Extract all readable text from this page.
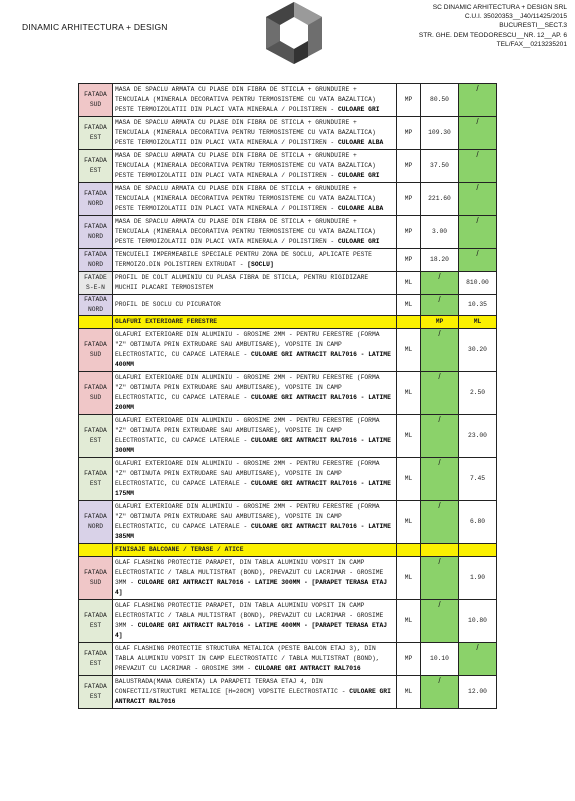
DINAMIC ARHITECTURA + DESIGN
SC DINAMIC ARHITECTURA + DESIGN SRL
C.U.I. 35020353__J40/11425/2015
BUCURESTI__SECT.3
STR. GHE. DEM TEODORESCU__NR. 12__AP. 6
TEL/FAX__0213235201
FATADA
SUD	MASA DE SPACLU ARMATA CU PLASE DIN FIBRA DE STICLA + GRUNDUIRE + TENCUIALA (MINERALA DECORATIVA PENTRU TERMOSISTEME CU VATA BAZALTICA) PESTE TERMOIZOLATII DIN PLACI VATA MINERALA / POLISTIREN - CULOARE GRI	MP	80.50	/

FATADA
EST	MASA DE SPACLU ARMATA CU PLASE DIN FIBRA DE STICLA + GRUNDUIRE + TENCUIALA (MINERALA DECORATIVA PENTRU TERMOSISTEME CU VATA BAZALTICA) PESTE TERMOIZOLATII DIN PLACI VATA MINERALA / POLISTIREN - CULOARE ALBA	MP	109.30	/

FATADA
EST	MASA DE SPACLU ARMATA CU PLASE DIN FIBRA DE STICLA + GRUNDUIRE + TENCUIALA (MINERALA DECORATIVA PENTRU TERMOSISTEME CU VATA BAZALTICA) PESTE TERMOIZOLATII DIN PLACI VATA MINERALA / POLISTIREN - CULOARE GRI	MP	37.50	/

FATADA
NORD	MASA DE SPACLU ARMATA CU PLASE DIN FIBRA DE STICLA + GRUNDUIRE + TENCUIALA (MINERALA DECORATIVA PENTRU TERMOSISTEME CU VATA BAZALTICA) PESTE TERMOIZOLATII DIN PLACI VATA MINERALA / POLISTIREN - CULOARE ALBA	MP	221.60	/

FATADA
NORD	MASA DE SPACLU ARMATA CU PLASE DIN FIBRA DE STICLA + GRUNDUIRE + TENCUIALA (MINERALA DECORATIVA PENTRU TERMOSISTEME CU VATA BAZALTICA) PESTE TERMOIZOLATII DIN PLACI VATA MINERALA / POLISTIREN - CULOARE GRI	MP	3.00	/

FATADA
NORD	TENCUIELI IMPERMEABILE SPECIALE PENTRU ZONA DE SOCLU, APLICATE PESTE TERMOIZO.DIN POLISTIREN EXTRUDAT - [SOCLU]	MP	18.20	/

FATADE
S-E-N	PROFIL DE COLT ALUMINIU CU PLASA FIBRA DE STICLA, PENTRU RIGIDIZARE MUCHII PLACARI TERMOSISTEM	ML	/	810.00

FATADA
NORD	PROFIL DE SOCLU CU PICURATOR	ML	/	10.35
	GLAFURI EXTERIOARE FERESTRE		MP	ML

FATADA
SUD	GLAFURI EXTERIOARE DIN ALUMINIU - GROSIME 2MM - PENTRU FERESTRE (FORMA "Z" OBTINUTA PRIN EXTRUDARE SAU AMBUTISARE), VOPSITE IN CAMP ELECTROSTATIC, CU CAPACE LATERALE - CULOARE GRI ANTRACIT RAL7016 - LATIME 400MM	ML	/	30.20

FATADA
SUD	GLAFURI EXTERIOARE DIN ALUMINIU - GROSIME 2MM - PENTRU FERESTRE (FORMA "Z" OBTINUTA PRIN EXTRUDARE SAU AMBUTISARE), VOPSITE IN CAMP ELECTROSTATIC, CU CAPACE LATERALE - CULOARE GRI ANTRACIT RAL7016 - LATIME 200MM	ML	/	2.50

FATADA
EST	GLAFURI EXTERIOARE DIN ALUMINIU - GROSIME 2MM - PENTRU FERESTRE (FORMA "Z" OBTINUTA PRIN EXTRUDARE SAU AMBUTISARE), VOPSITE IN CAMP ELECTROSTATIC, CU CAPACE LATERALE - CULOARE GRI ANTRACIT RAL7016 - LATIME 300MM	ML	/	23.00

FATADA
EST	GLAFURI EXTERIOARE DIN ALUMINIU - GROSIME 2MM - PENTRU FERESTRE (FORMA "Z" OBTINUTA PRIN EXTRUDARE SAU AMBUTISARE), VOPSITE IN CAMP ELECTROSTATIC, CU CAPACE LATERALE - CULOARE GRI ANTRACIT RAL7016 - LATIME 175MM	ML	/	7.45

FATADA
NORD	GLAFURI EXTERIOARE DIN ALUMINIU - GROSIME 2MM - PENTRU FERESTRE (FORMA "Z" OBTINUTA PRIN EXTRUDARE SAU AMBUTISARE), VOPSITE IN CAMP ELECTROSTATIC, CU CAPACE LATERALE - CULOARE GRI ANTRACIT RAL7016 - LATIME 385MM	ML	/	6.80
	FINISAJE BALCOANE / TERASE / ATICE			

FATADA
SUD	GLAF FLASHING PROTECTIE PARAPET, DIN TABLA ALUMINIU VOPSIT IN CAMP ELECTROSTATIC / TABLA MULTISTRAT (BOND), PREVAZUT CU LACRIMAR - GROSIME 3MM - CULOARE GRI ANTRACIT RAL7016 - LATIME 300MM - [PARAPET TERASA ETAJ 4]	ML	/	1.90

FATADA
EST	GLAF FLASHING PROTECTIE PARAPET, DIN TABLA ALUMINIU VOPSIT IN CAMP ELECTROSTATIC / TABLA MULTISTRAT (BOND), PREVAZUT CU LACRIMAR - GROSIME 3MM - CULOARE GRI ANTRACIT RAL7016 - LATIME 400MM - [PARAPET TERASA ETAJ 4]	ML	/	10.80

FATADA
EST	GLAF FLASHING PROTECTIE STRUCTURA METALICA (PESTE BALCON ETAJ 3), DIN TABLA ALUMINIU VOPSIT IN CAMP ELECTROSTATIC / TABLA MULTISTRAT (BOND), PREVAZUT CU LACRIMAR - GROSIME 3MM - CULOARE GRI ANTRACIT RAL7016	MP	10.10	/

FATADA
EST	BALUSTRADA(MANA CURENTA) LA PARAPETI TERASA ETAJ 4, DIN CONFECTII/STRUCTURI METALICE [H=20CM] VOPSITE ELECTROSTATIC - CULOARE GRI ANTRACIT RAL7016	ML	/	12.00
